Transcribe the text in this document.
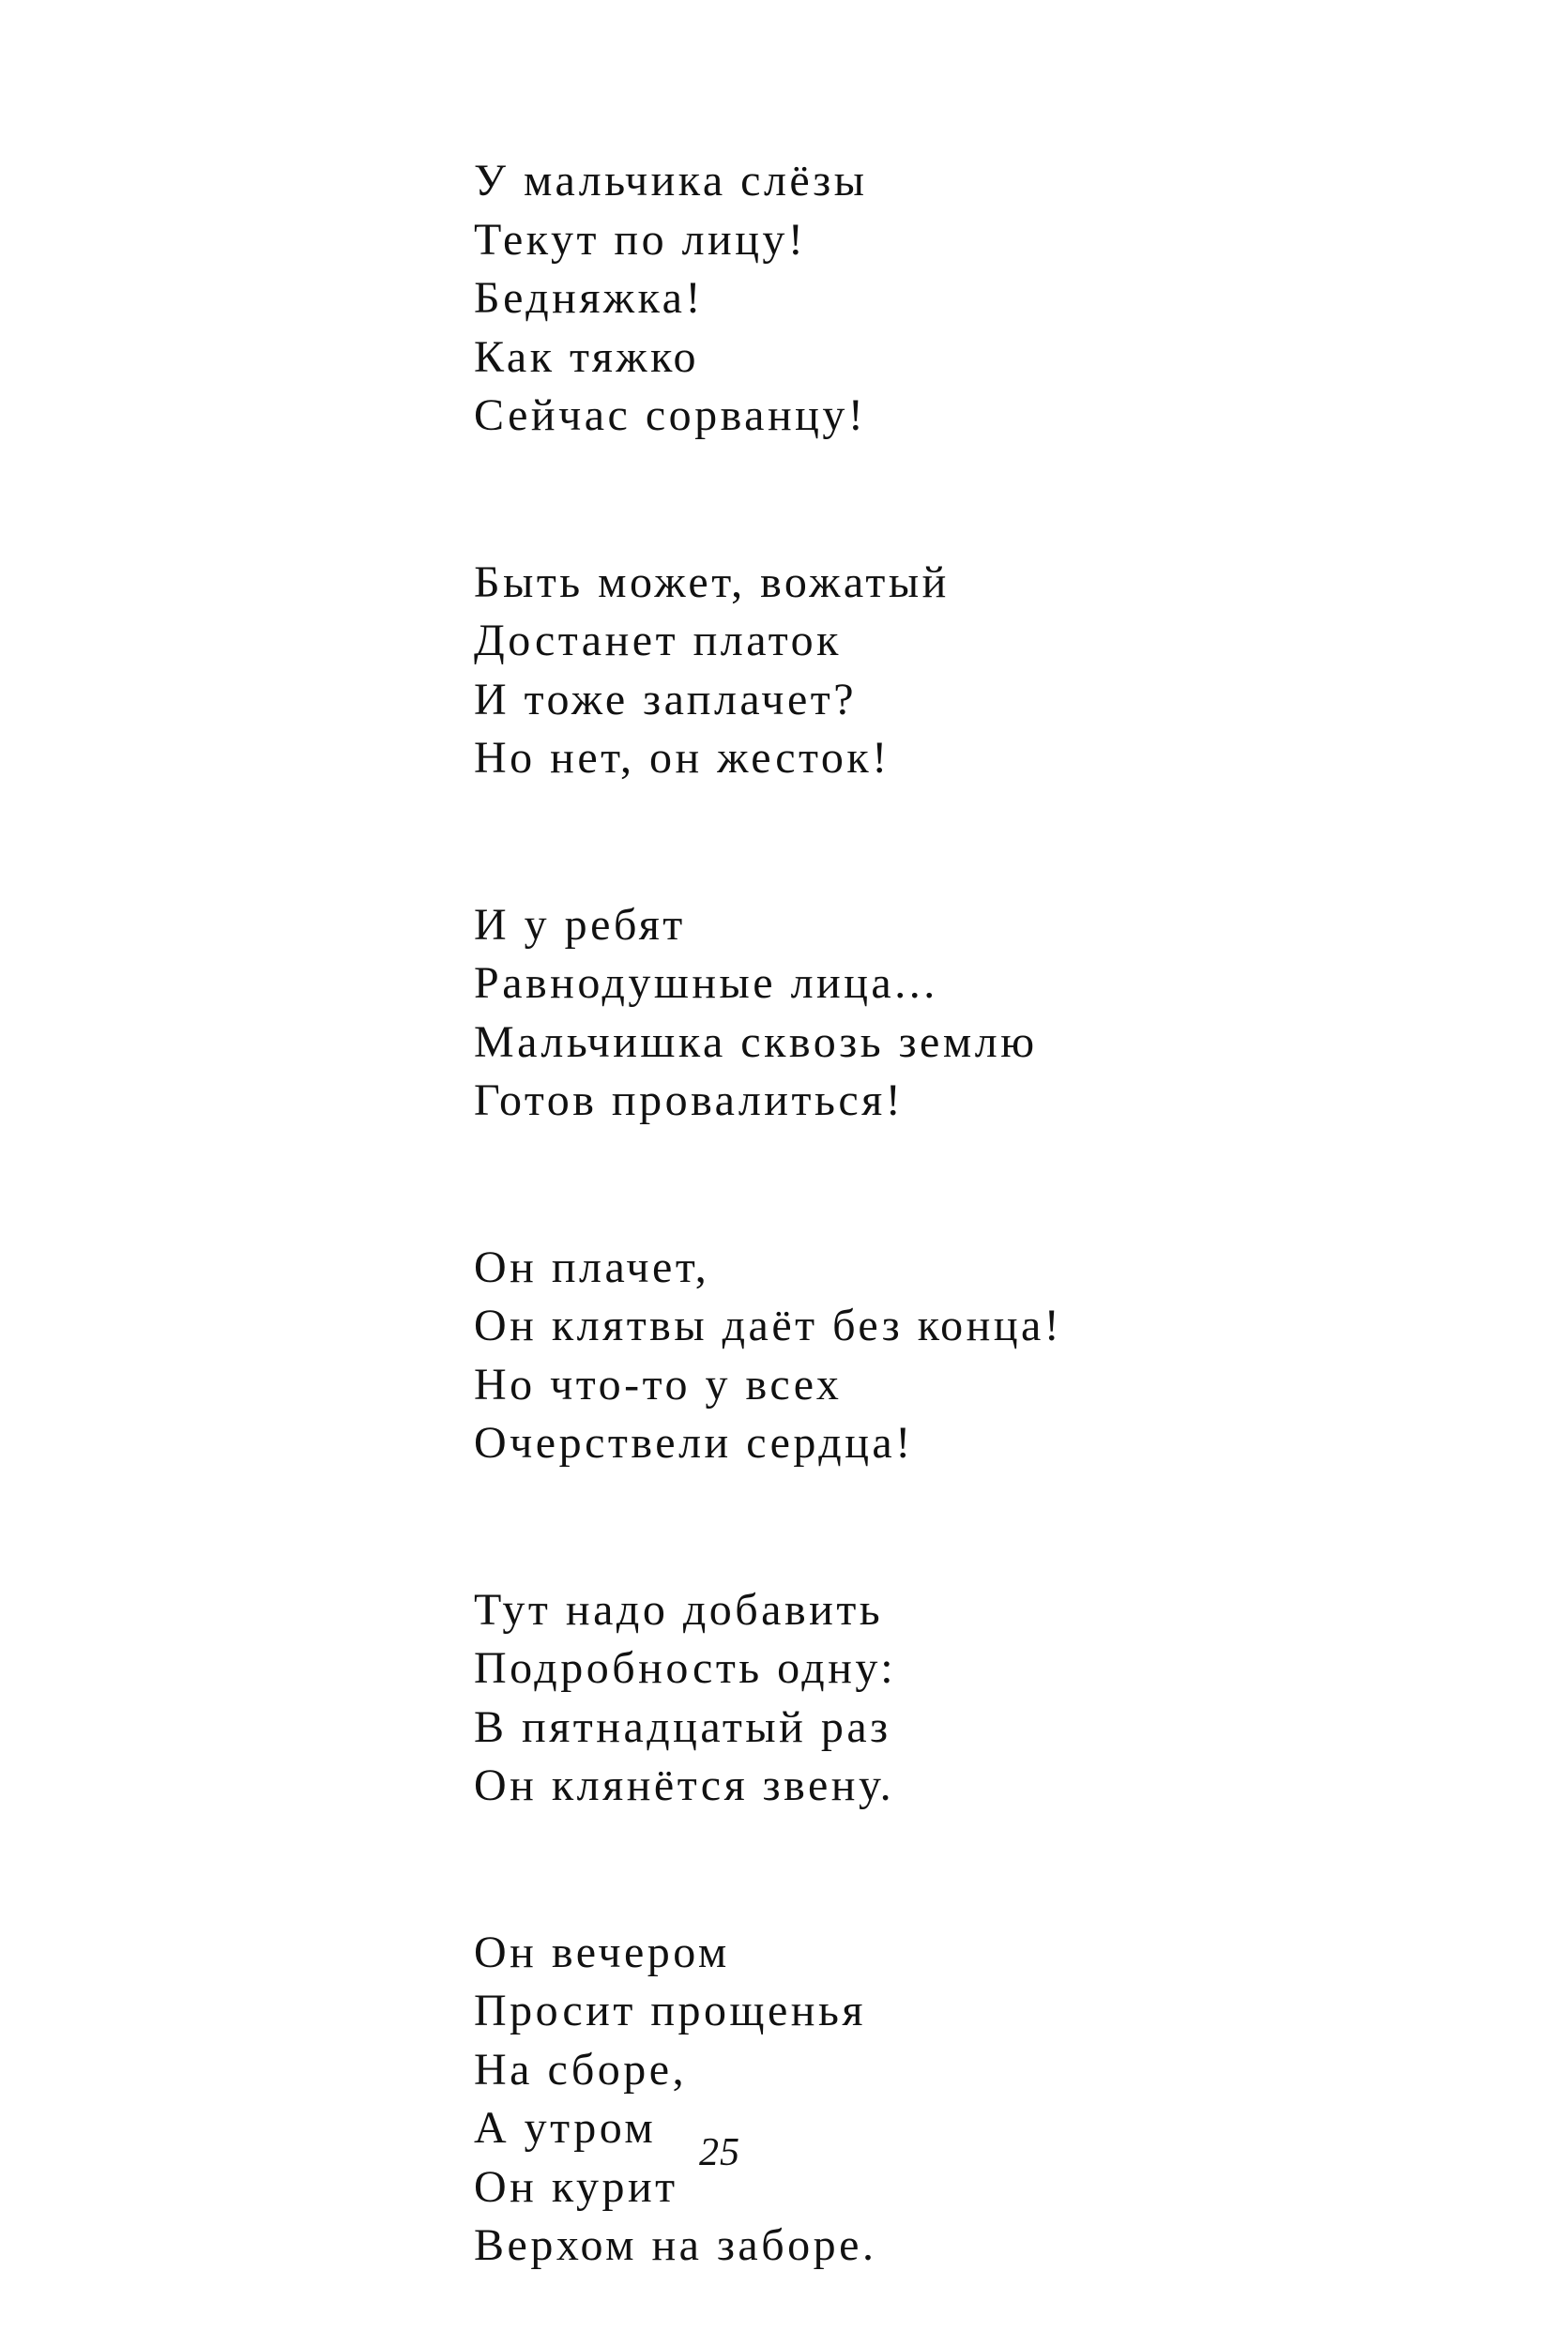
У мальчика слёзы
Текут по лицу!
Бедняжка!
Как тяжко
Сейчас сорванцу!
Быть может, вожатый
Достанет платок
И тоже заплачет?
Но нет, он жесток!
И у ребят
Равнодушные лица...
Мальчишка сквозь землю
Готов провалиться!
Он плачет,
Он клятвы даёт без конца!
Но что-то у всех
Очерствели сердца!
Тут надо добавить
Подробность одну:
В пятнадцатый раз
Он клянётся звену.
Он вечером
Просит прощенья
На сборе,
А утром
Он курит
Верхом на заборе.
25
